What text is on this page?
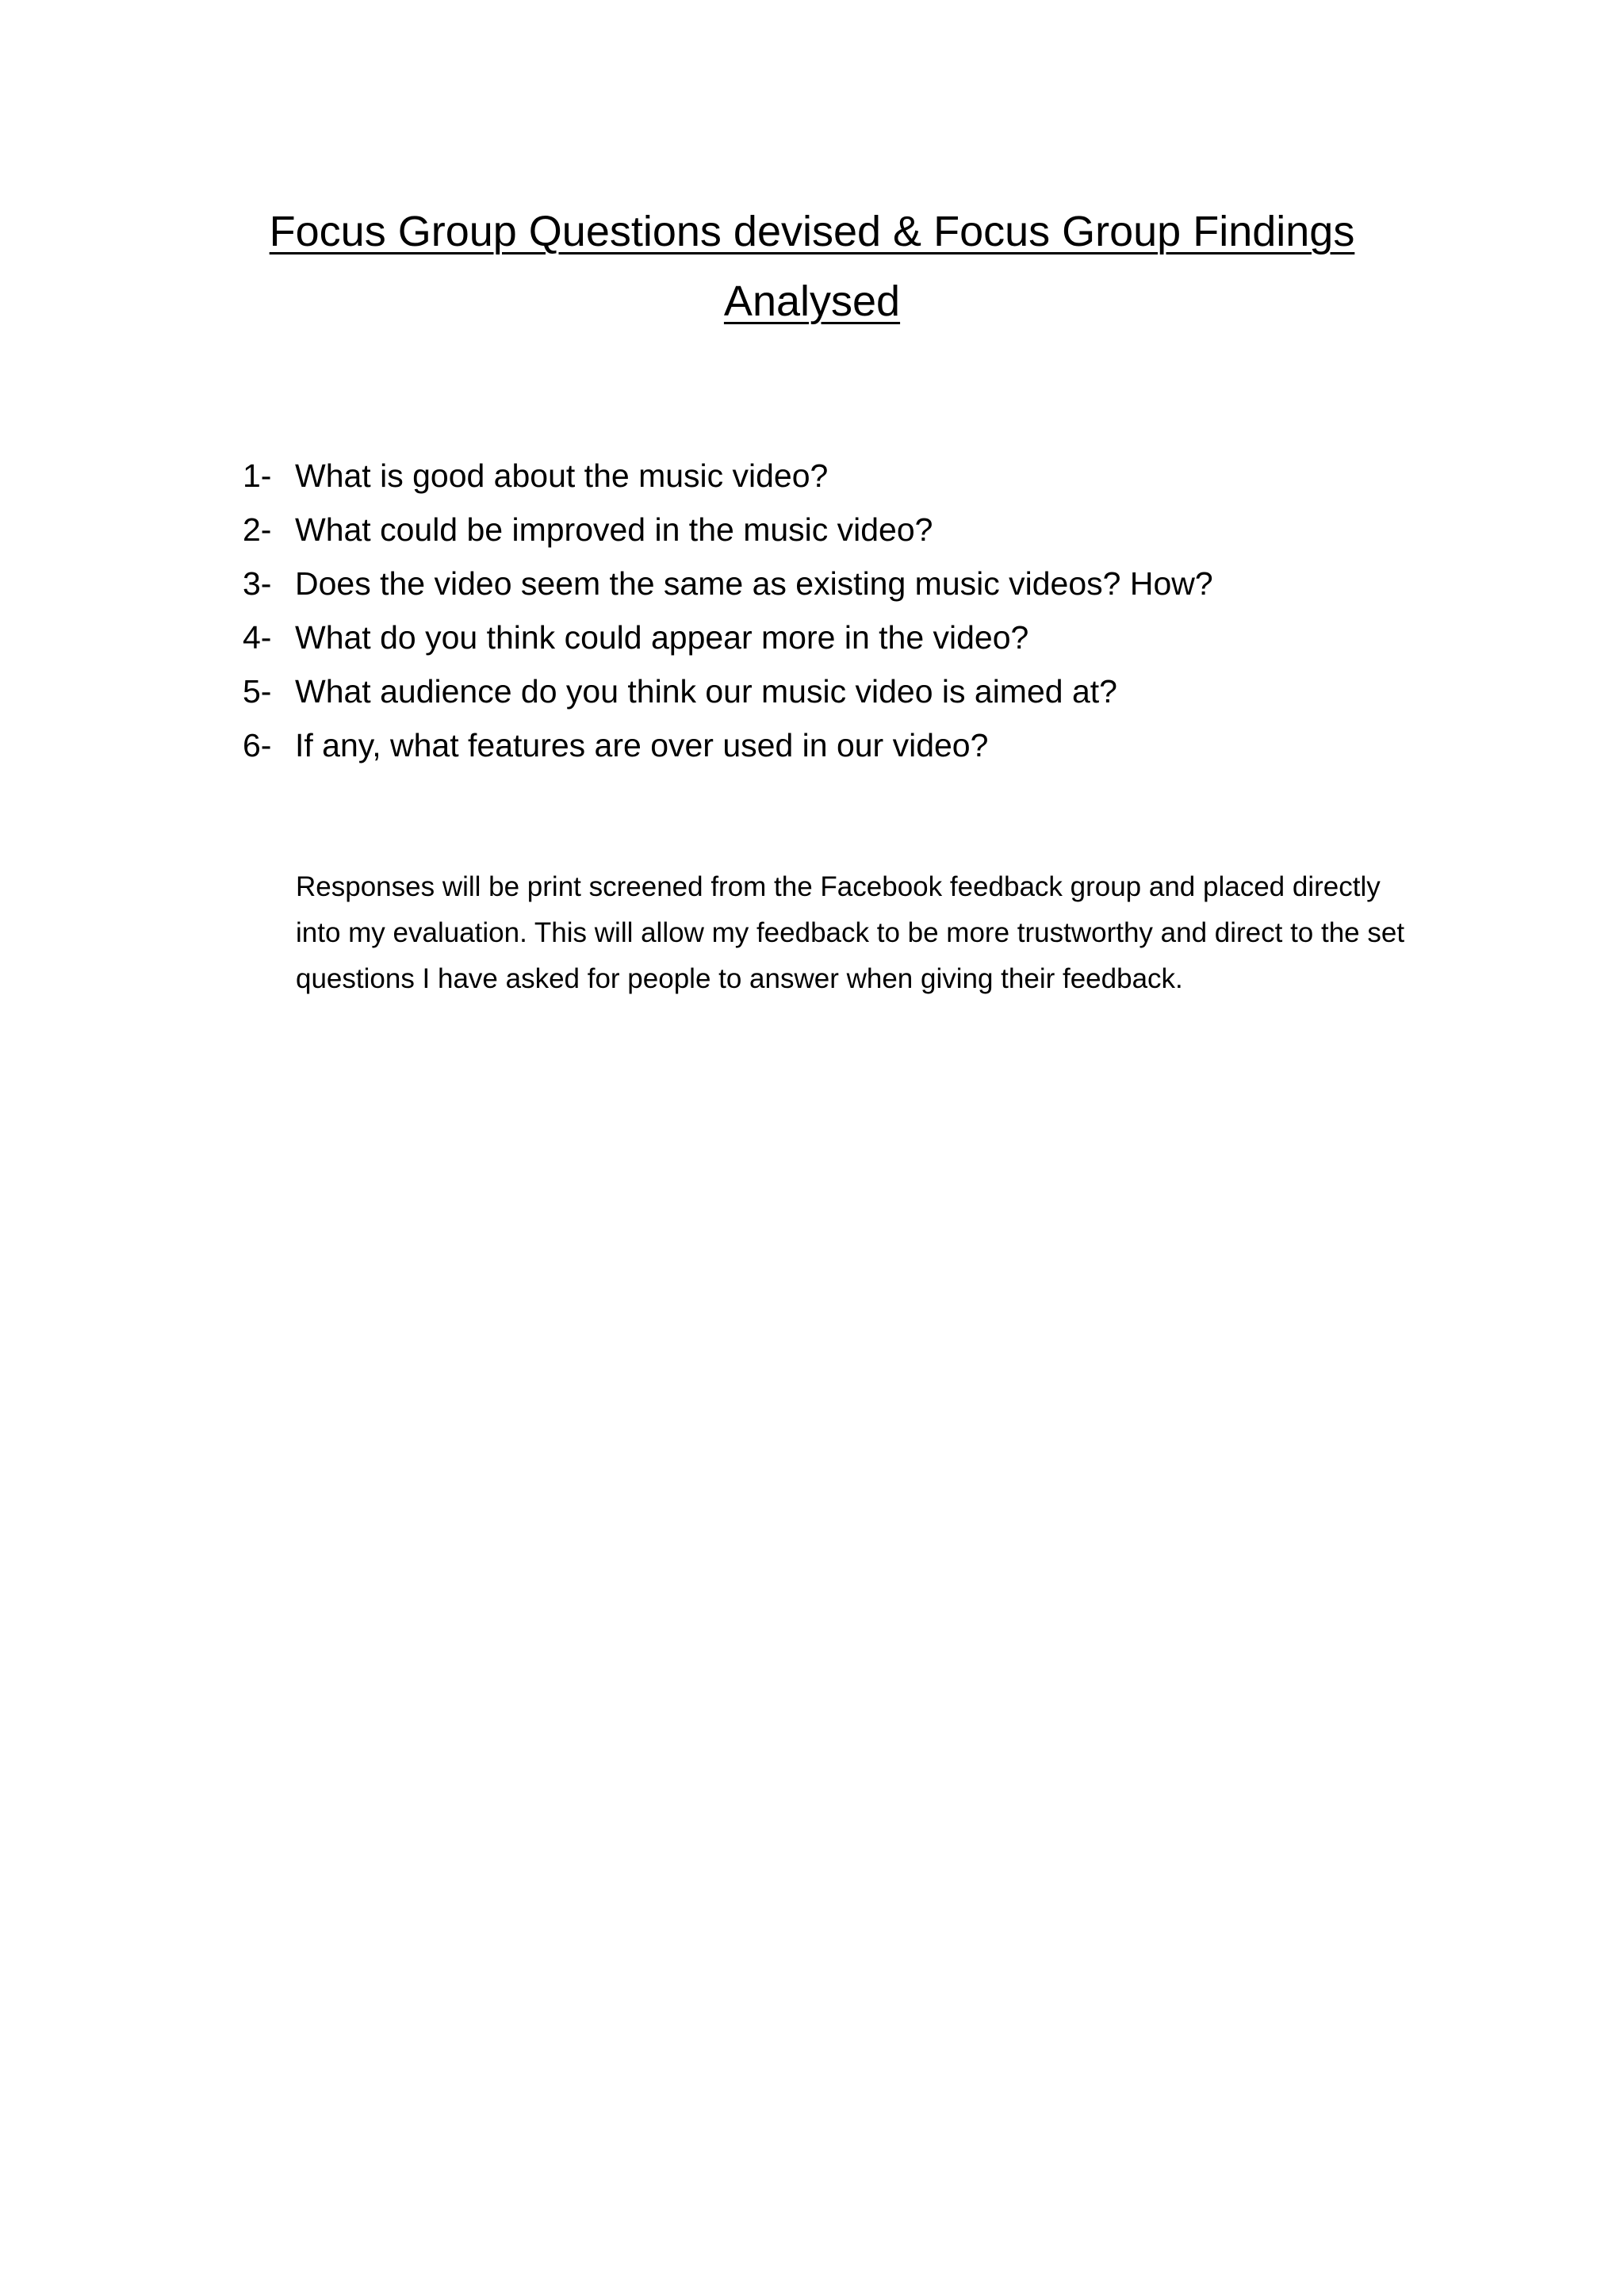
Focus Group Questions devised & Focus Group Findings
Analysed
1- What is good about the music video?
2- What could be improved in the music video?
3- Does the video seem the same as existing music videos? How?
4- What do you think could appear more in the video?
5- What audience do you think our music video is aimed at?
6- If any, what features are over used in our video?

Responses will be print screened from the Facebook feedback group and placed directly into my evaluation. This will allow my feedback to be more trustworthy and direct to the set questions I have asked for people to answer when giving their feedback.
